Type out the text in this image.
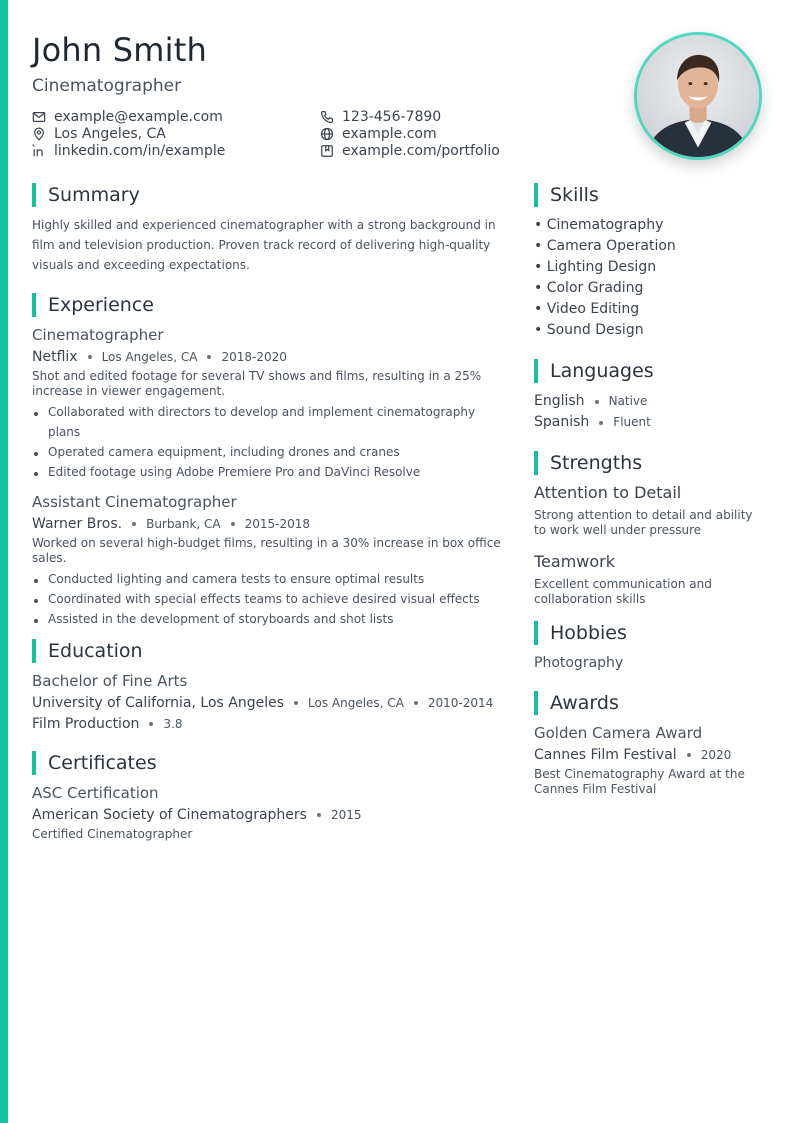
John Smith
Cinematographer
example@example.com	123-456-7890
Los Angeles, CA	example.com
linkedin.com/in/example	example.com/portfolio
Summary

Highly skilled and experienced cinematographer with a strong background in film and television production. Proven track record of delivering high-quality visuals and exceeding expectations.

Experience
Cinematographer
Netflix Los Angeles, CA 2018-2020
Shot and edited footage for several TV shows and films, resulting in a 25% increase in viewer engagement.
Collaborated with directors to develop and implement cinematography plans
Operated camera equipment, including drones and cranes
Edited footage using Adobe Premiere Pro and DaVinci Resolve
Assistant Cinematographer
Warner Bros. Burbank, CA 2015-2018
Worked on several high-budget films, resulting in a 30% increase in box office sales.
Conducted lighting and camera tests to ensure optimal results
Coordinated with special effects teams to achieve desired visual effects
Assisted in the development of storyboards and shot lists
Education
Bachelor of Fine Arts
University of California, Los Angeles Los Angeles, CA 2010-2014
Film Production 3.8
Certificates
ASC Certification
American Society of Cinematographers 2015
Certified Cinematographer
Skills
• Cinematography
• Camera Operation
• Lighting Design
• Color Grading
• Video Editing
• Sound Design
Languages
English Native
Spanish Fluent
Strengths
Attention to Detail
Strong attention to detail and ability to work well under pressure
Teamwork
Excellent communication and collaboration skills
Hobbies
Photography
Awards
Golden Camera Award
Cannes Film Festival 2020
Best Cinematography Award at the Cannes Film Festival
